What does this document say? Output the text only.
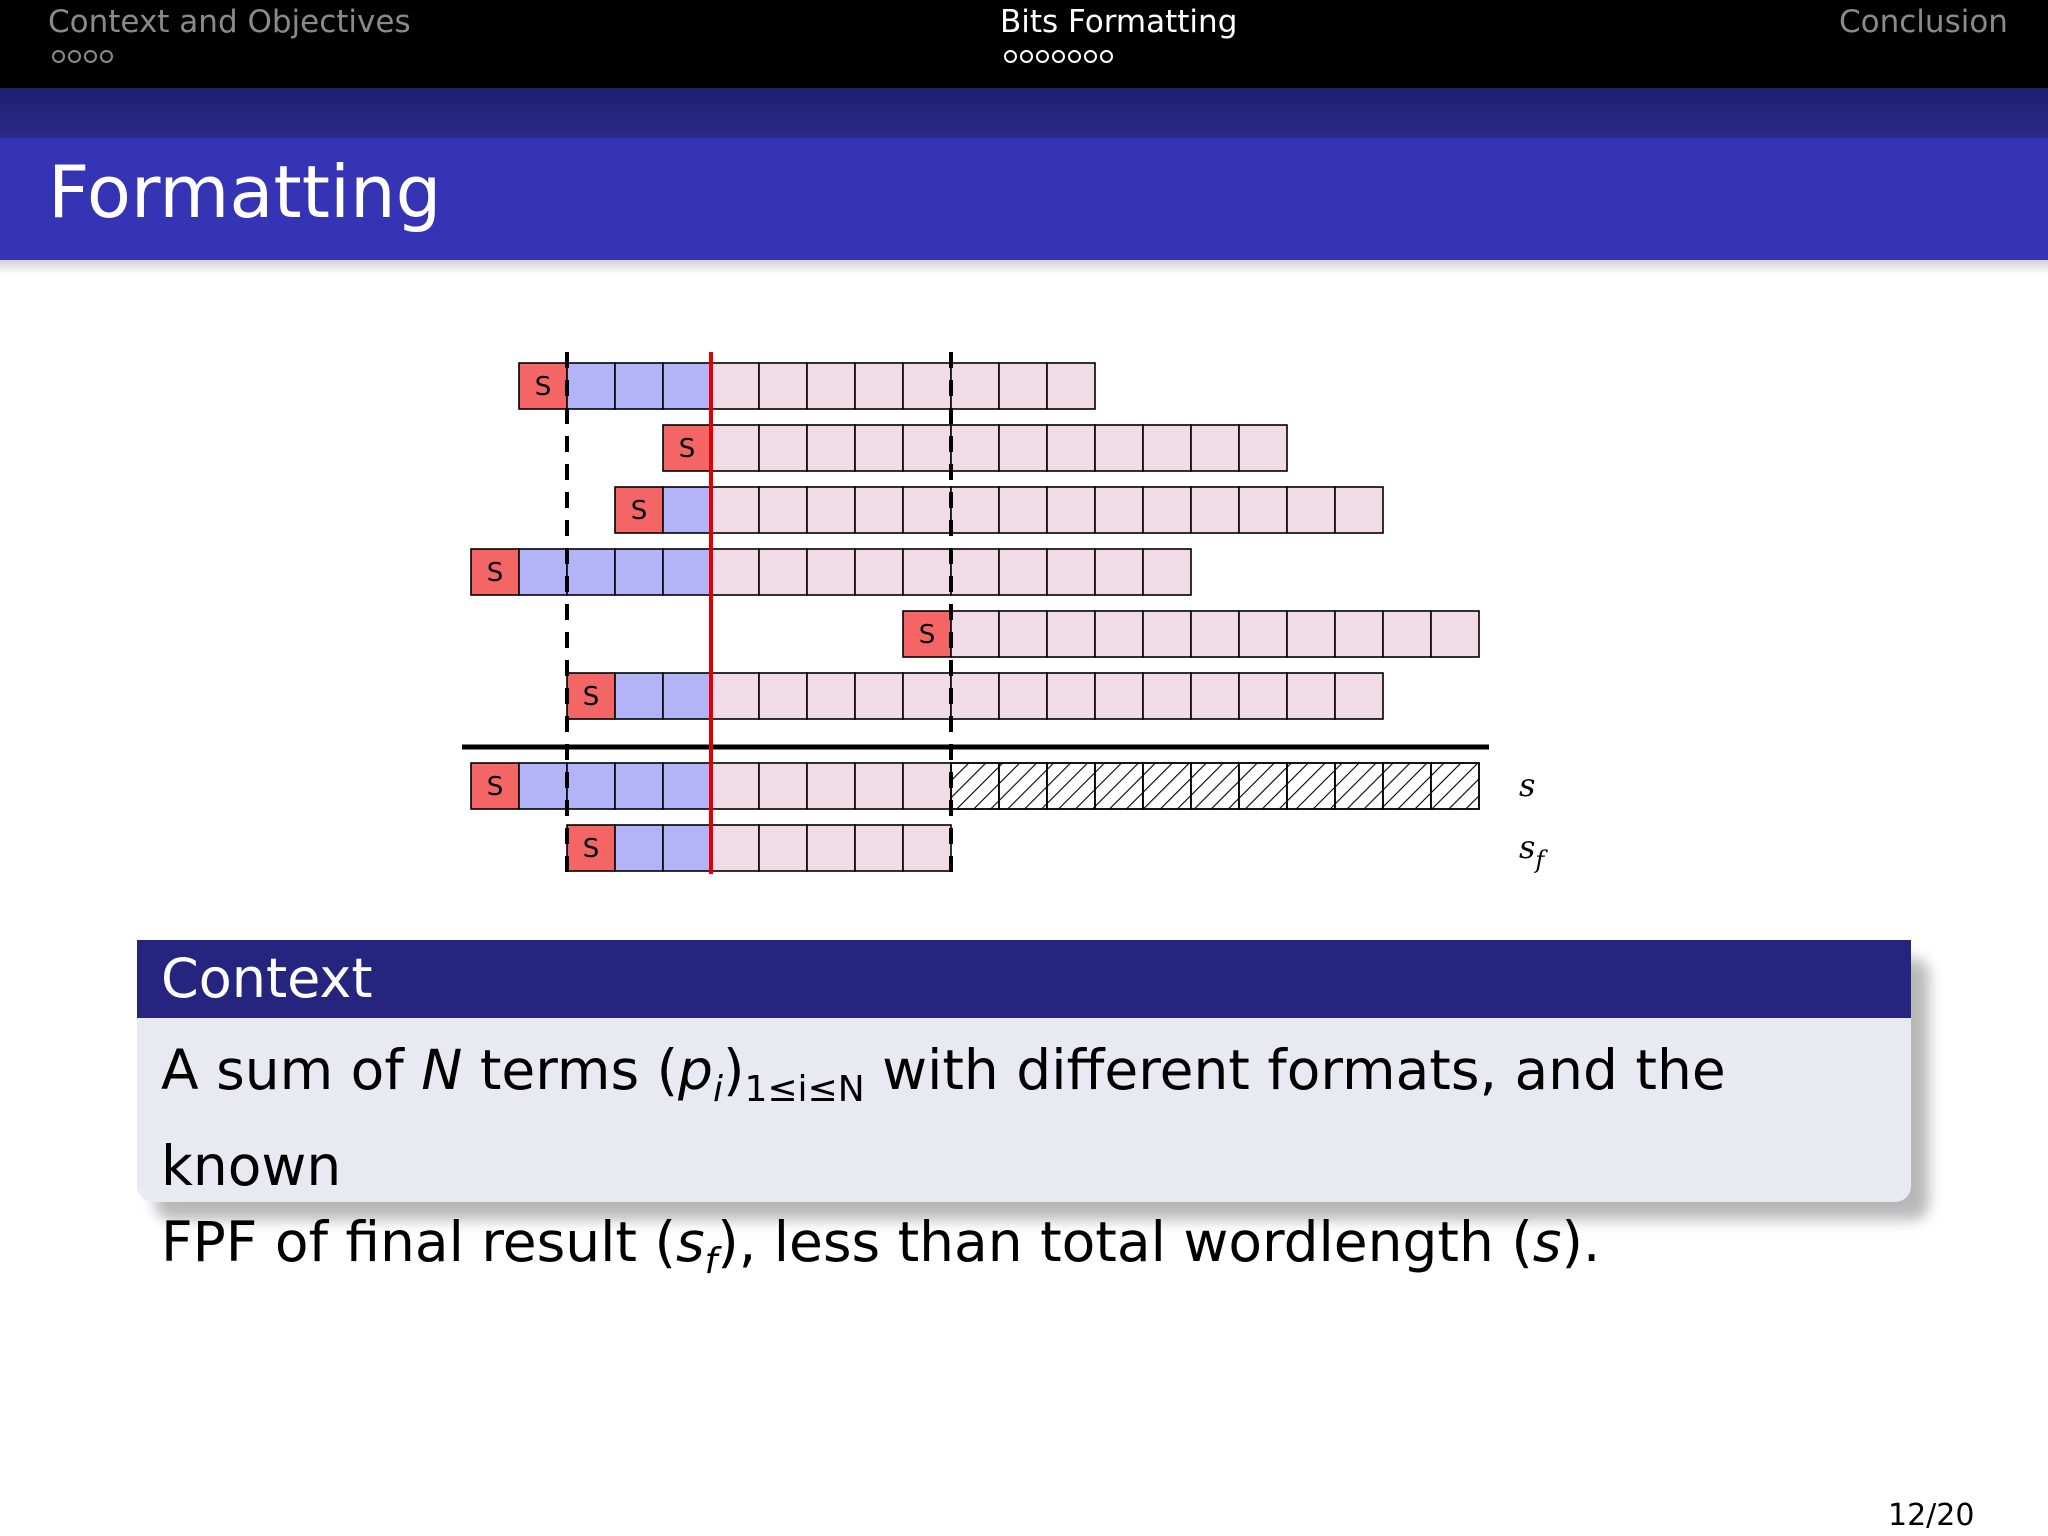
Context and Objectives	Bits Formatting	Conclusion
Formatting
S
S
S
S
S
S
S	s
S	$s_f$
Context
A sum of N terms $(p_i)_{1\le i\le N}$ with different formats, and the known
FPF of final result $(s_f)$, less than total wordlength (s).
12/20
